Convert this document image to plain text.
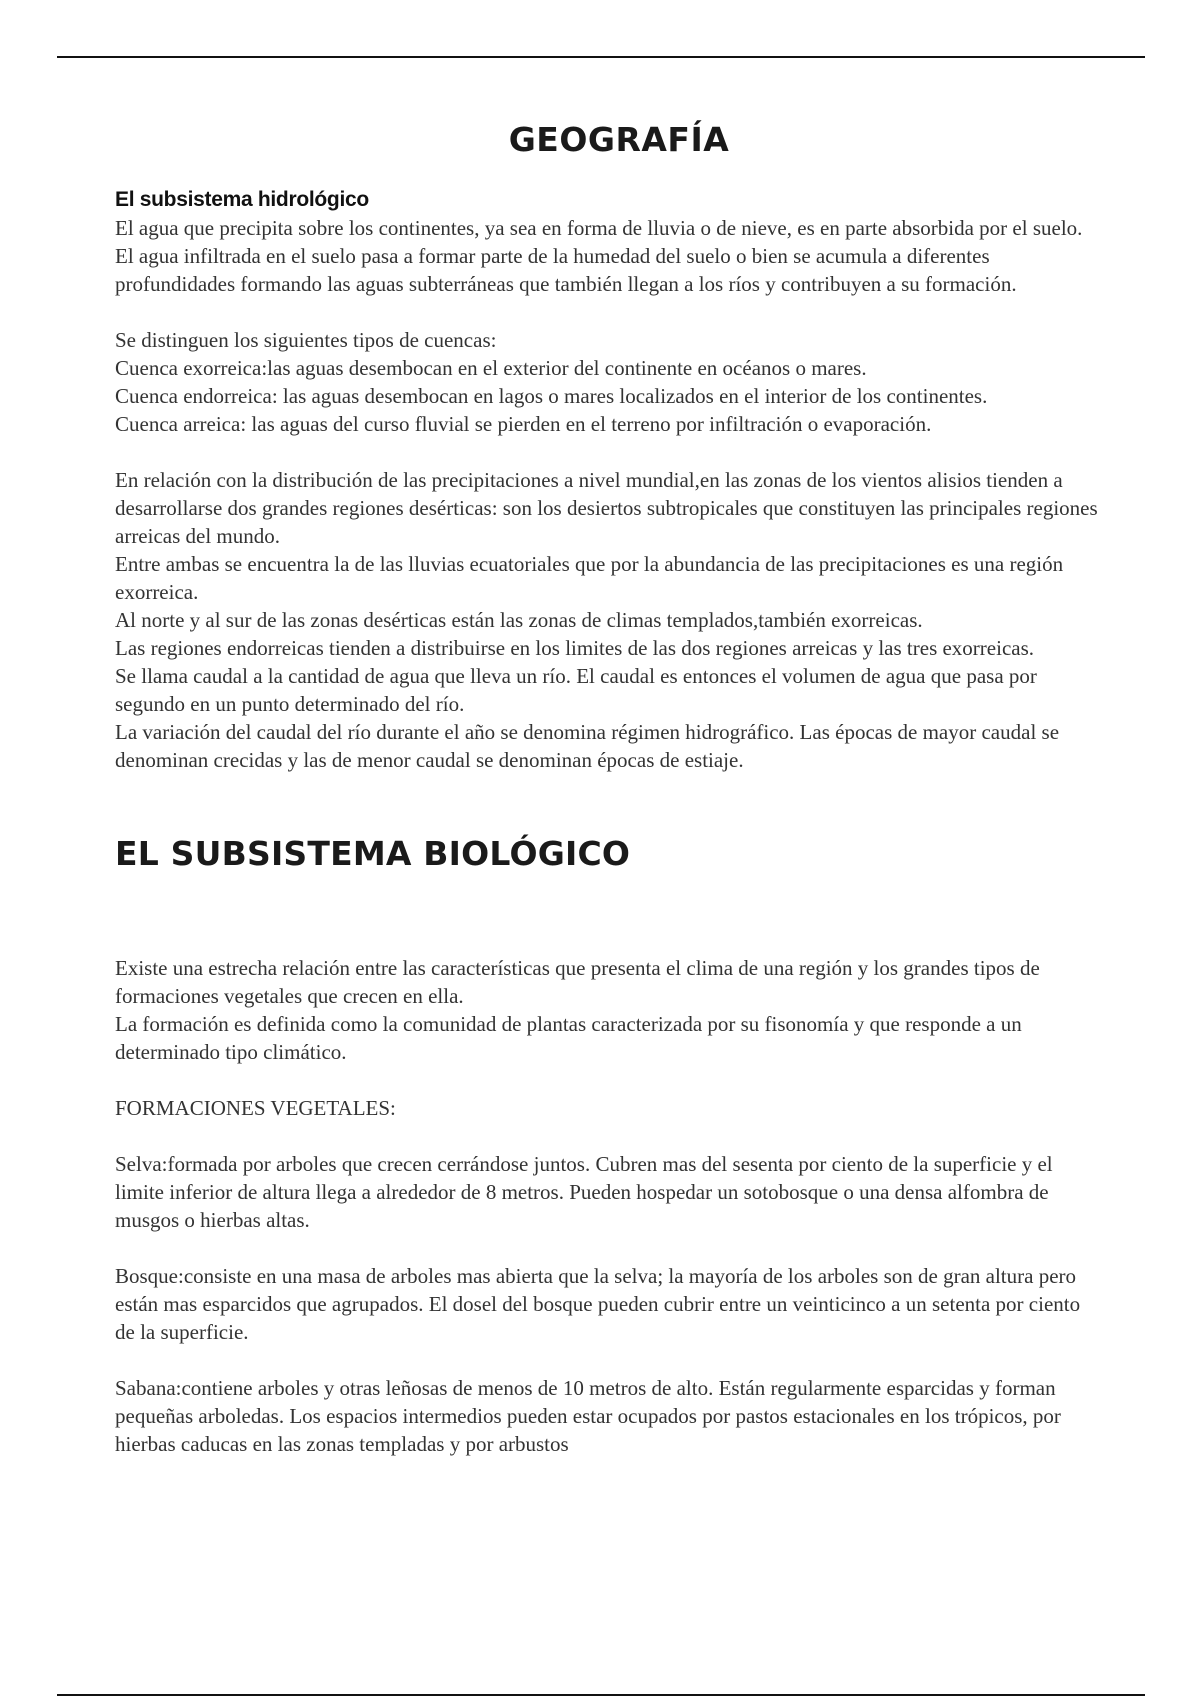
GEOGRAFÍA
El subsistema hidrológico

El agua que precipita sobre los continentes, ya sea en forma de lluvia o de nieve, es en parte absorbida por el suelo.

El agua infiltrada en el suelo pasa a formar parte de la humedad del suelo o bien se acumula a diferentes profundidades formando las aguas subterráneas que también llegan a los ríos y contribuyen a su formación.

Se distinguen los siguientes tipos de cuencas:

Cuenca exorreica:las aguas desembocan en el exterior del continente en océanos o mares.

Cuenca endorreica: las aguas desembocan en lagos o mares localizados en el interior de los continentes.

Cuenca arreica: las aguas del curso fluvial se pierden en el terreno por infiltración o evaporación.

En relación con la distribución de las precipitaciones a nivel mundial,en las zonas de los vientos alisios tienden a desarrollarse dos grandes regiones desérticas: son los desiertos subtropicales que constituyen las principales regiones arreicas del mundo.

Entre ambas se encuentra la de las lluvias ecuatoriales que por la abundancia de las precipitaciones es una región exorreica.

Al norte y al sur de las zonas desérticas están las zonas de climas templados,también exorreicas.

Las regiones endorreicas tienden a distribuirse en los limites de las dos regiones arreicas y las tres exorreicas.

Se llama caudal a la cantidad de agua que lleva un río. El caudal es entonces el volumen de agua que pasa por segundo en un punto determinado del río.

La variación del caudal del río durante el año se denomina régimen hidrográfico. Las épocas de mayor caudal se denominan crecidas y las de menor caudal se denominan épocas de estiaje.

EL SUBSISTEMA BIOLÓGICO

Existe una estrecha relación entre las características que presenta el clima de una región y los grandes tipos de formaciones vegetales que crecen en ella.

La formación es definida como la comunidad de plantas caracterizada por su fisonomía y que responde a un determinado tipo climático.

FORMACIONES VEGETALES:

Selva:formada por arboles que crecen cerrándose juntos. Cubren mas del sesenta por ciento de la superficie y el limite inferior de altura llega a alrededor de 8 metros. Pueden hospedar un sotobosque o una densa alfombra de musgos o hierbas altas.

Bosque:consiste en una masa de arboles mas abierta que la selva; la mayoría de los arboles son de gran altura pero están mas esparcidos que agrupados. El dosel del bosque pueden cubrir entre un veinticinco a un setenta por ciento de la superficie.

Sabana:contiene arboles y otras leñosas de menos de 10 metros de alto. Están regularmente esparcidas y forman pequeñas arboledas. Los espacios intermedios pueden estar ocupados por pastos estacionales en los trópicos, por hierbas caducas en las zonas templadas y por arbustos
